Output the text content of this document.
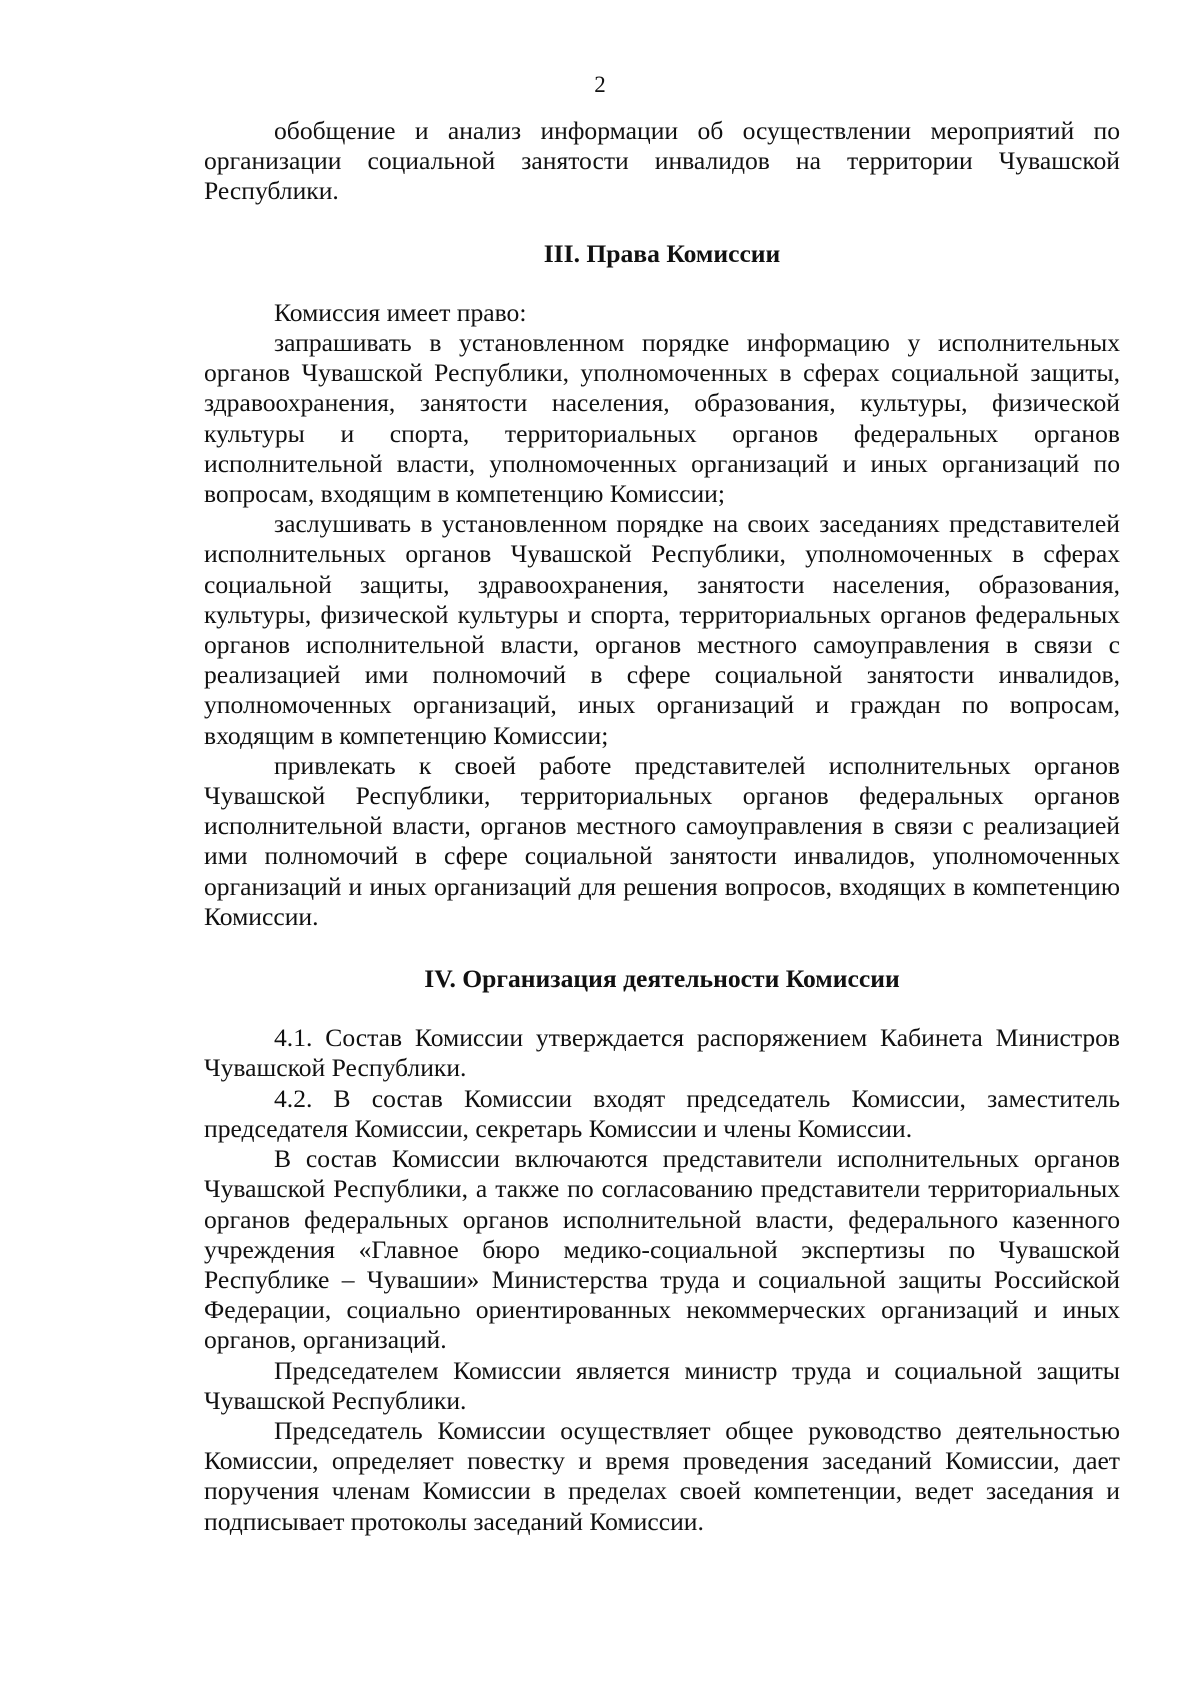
2

обобщение и анализ информации об осуществлении мероприятий по организации социальной занятости инвалидов на территории Чувашской Республики.

III. Права Комиссии

Комиссия имеет право:

запрашивать в установленном порядке информацию у исполнительных органов Чувашской Республики, уполномоченных в сферах социальной защиты, здравоохранения, занятости населения, образования, культуры, физической культуры и спорта, территориальных органов федеральных органов исполнительной власти, уполномоченных организаций и иных организаций по вопросам, входящим в компетенцию Комиссии;

заслушивать в установленном порядке на своих заседаниях представителей исполнительных органов Чувашской Республики, уполномоченных в сферах социальной защиты, здравоохранения, занятости населения, образования, культуры, физической культуры и спорта, территориальных органов федеральных органов исполнительной власти, органов местного самоуправления в связи с реализацией ими полномочий в сфере социальной занятости инвалидов, уполномоченных организаций, иных организаций и граждан по вопросам, входящим в компетенцию Комиссии;

привлекать к своей работе представителей исполнительных органов Чувашской Республики, территориальных органов федеральных органов исполнительной власти, органов местного самоуправления в связи с реализацией ими полномочий в сфере социальной занятости инвалидов, уполномоченных организаций и иных организаций для решения вопросов, входящих в компетенцию Комиссии.

IV. Организация деятельности Комиссии

4.1. Состав Комиссии утверждается распоряжением Кабинета Министров Чувашской Республики.

4.2. В состав Комиссии входят председатель Комиссии, заместитель председателя Комиссии, секретарь Комиссии и члены Комиссии.

В состав Комиссии включаются представители исполнительных органов Чувашской Республики, а также по согласованию представители территориальных органов федеральных органов исполнительной власти, федерального казенного учреждения «Главное бюро медико-социальной экспертизы по Чувашской Республике – Чувашии» Министерства труда и социальной защиты Российской Федерации, социально ориентированных некоммерческих организаций и иных органов, организаций.

Председателем Комиссии является министр труда и социальной защиты Чувашской Республики.

Председатель Комиссии осуществляет общее руководство деятельностью Комиссии, определяет повестку и время проведения заседаний Комиссии, дает поручения членам Комиссии в пределах своей компетенции, ведет заседания и подписывает протоколы заседаний Комиссии.
